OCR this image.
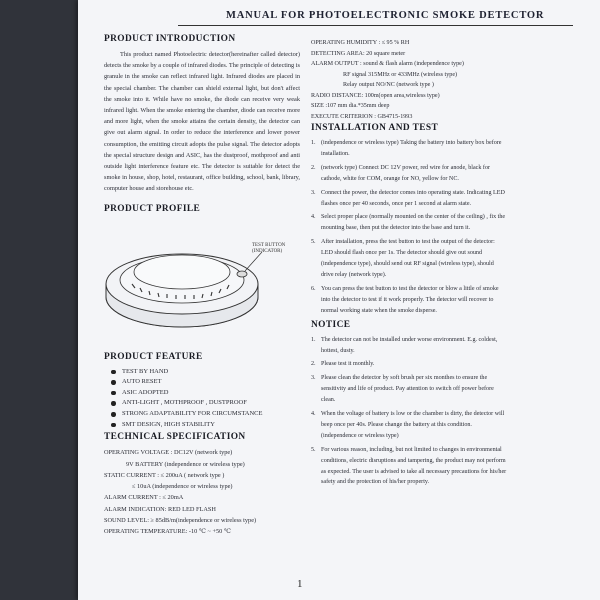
MANUAL FOR PHOTOELECTRONIC SMOKE DETECTOR
PRODUCT INTRODUCTION

This product named Photoelectric detector(hereinafter called detector) detects the smoke by a couple of infrared diodes. The principle of detecting is granule in the smoke can reflect infrared light. Infrared diodes are placed in the special chamber. The chamber can shield external light, but don't affect the smoke into it. While have no smoke, the diode can receive very weak infrared light. When the smoke entering the chamber, diode can receive more and more light, when the smoke attains the certain density, the detector can give out alarm signal. In order to reduce the interference and lower power consumption, the emitting circuit adopts the pulse signal. The detector adopts the special structure design and ASIC, has the dustproof, mothproof and anti outside light interference feature etc. The detector is suitable for detect the smoke in house, shop, hotel, restaurant, office building, school, bank, library, computer house and storehouse etc.

PRODUCT PROFILE
TEST BUTTON
(INDICATOR)
PRODUCT FEATURE
TEST BY HAND
AUTO RESET
ASIC ADOPTED
ANTI-LIGHT , MOTHPROOF , DUSTPROOF
STRONG ADAPTABILITY FOR CIRCUMSTANCE
SMT DESIGN, HIGH STABILITY
TECHNICAL SPECIFICATION
OPERATING VOLTAGE : DC12V (network type)
9V BATTERY (independence or wireless type)
STATIC CURRENT : ≤ 200uA ( network type )
≤ 10uA (independence or wireless type)
ALARM CURRENT : ≤ 20mA
ALARM INDICATION: RED LED FLASH
SOUND LEVEL: ≥ 85dB/m(independence or wireless type)
OPERATING TEMPERATURE: -10 ℃ ~ +50 ℃
OPERATING HUMIDITY : ≤ 95 % RH
DETECTING AREA: 20 square meter
ALARM OUTPUT : sound & flash alarm (independence type)
RF signal 315MHz or 433MHz (wireless type)
Relay output NO/NC (network type )
RADIO DISTANCE: 100m(open area,wireless type)
SIZE :107 mm dia.*35mm deep
EXECUTE CRITERION : GB4715-1993
INSTALLATION AND TEST
1. (independence or wireless type) Taking the battery into battery box before installation.
2. (network type) Connect DC 12V power, red wire for anode, black for cathode, white for COM, orange for NO, yellow for NC.
3. Connect the power, the detector comes into operating state. Indicating LED flashes once per 40 seconds, once per 1 second at alarm state.
4. Select proper place (normally mounted on the center of the ceiling) , fix the mounting base, then put the detector into the base and turn it.
5. After installation, press the test button to test the output of the detector: LED should flash once per 1s. The detector should give out sound (independence type), should send out RF signal (wireless type), should drive relay (network type).
6. You can press the test button to test the detector or blow a little of smoke into the detector to test if it work properly. The detector will recover to normal working state when the smoke disperse.
NOTICE
1. The detector can not be installed under worse environment. E.g. coldest, hottest, dusty.
2. Please test it monthly.
3. Please clean the detector by soft brush per six monthes to ensure the sensitivity and life of product. Pay attention to switch off power before clean.
4. When the voltage of battery is low or the chamber is dirty, the detector will beep once per 40s. Please change the battery at this condition.(independence or wireless type)
5. For various reason, including, but not limited to changes in environmental conditions, electric disruptions and tampering, the product may not perform as expected. The user is advised to take all necessary precautions for his/her safety and the protection of his/her property.
1
